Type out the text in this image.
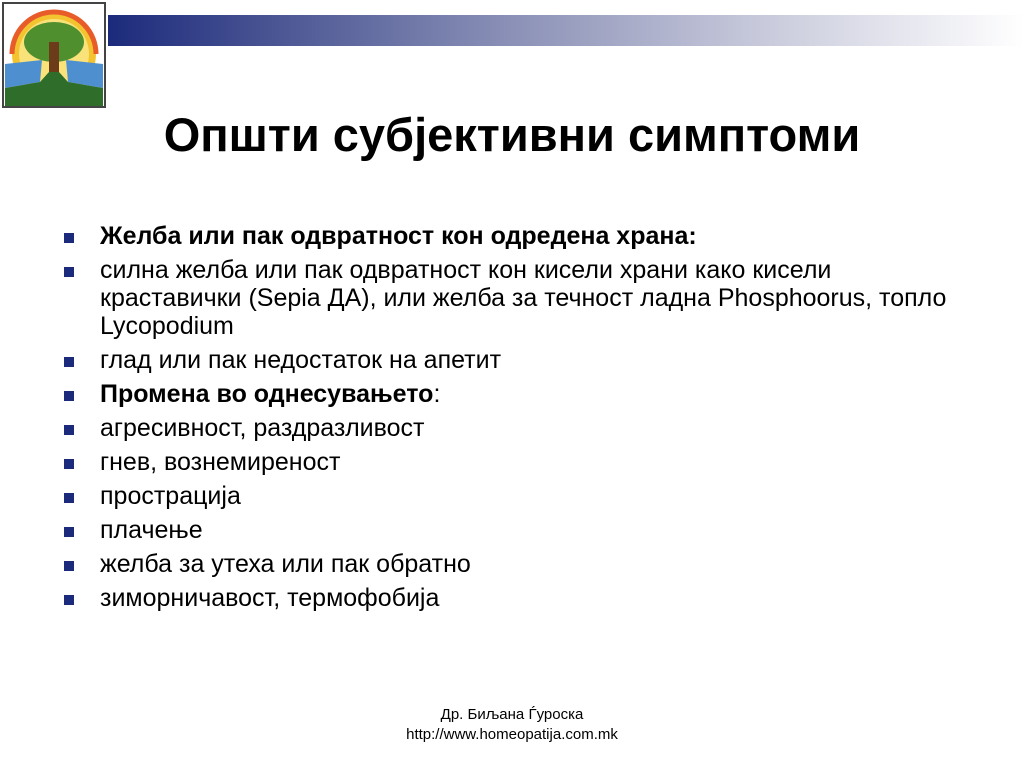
Општи субјективни симптоми
Желба или пак одвратност кон одредена храна:
силна желба или пак одвратност кон кисели храни како кисели краставички (Sepia ДА), или желба за течност ладна Phosphoorus, топло Lycopodium
глад или пак недостаток на апетит
Промена во однесувањето:
агресивност, раздразливост
гнев, вознемиреност
прострација
плачење
желба за утеха или пак обратно
зиморничавост, термофобија
Др. Биљана Ѓуроска
http://www.homeopatija.com.mk
